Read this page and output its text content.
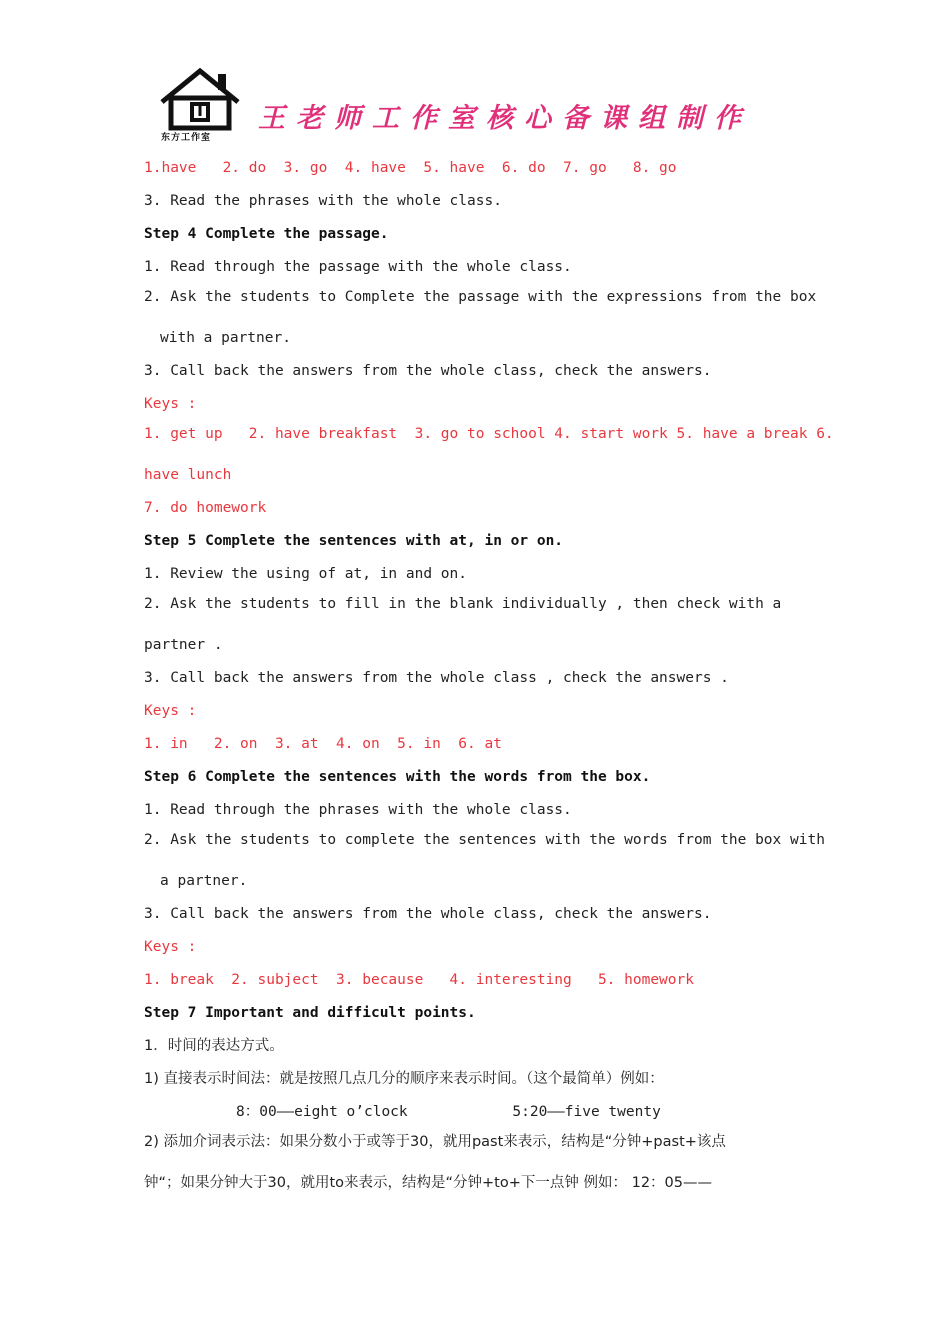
东方工作室
王老师工作室核心备课组制作
1.have   2. do  3. go  4. have  5. have  6. do  7. go   8. go
3. Read the phrases with the whole class.
Step 4 Complete the passage.
1. Read through the passage with the whole class.
2. Ask the students to Complete the passage with the expressions from the box
with a partner.
3. Call back the answers from the whole class, check the answers.
Keys :
1. get up   2. have breakfast  3. go to school 4. start work 5. have a break 6.
have lunch
7. do homework
Step 5 Complete the sentences with at, in or on.
1. Review the using of at, in and on.
2. Ask the students to fill in the blank individually , then check with a
partner .
3. Call back the answers from the whole class , check the answers .
Keys :
1. in   2. on  3. at  4. on  5. in  6. at
Step 6 Complete the sentences with the words from the box.
1. Read through the phrases with the whole class.
2. Ask the students to complete the sentences with the words from the box with
a partner.
3. Call back the answers from the whole class, check the answers.
Keys :
1. break  2. subject  3. because   4. interesting   5. homework
Step 7 Important and difficult points.
1．时间的表达方式。
1) 直接表示时间法：就是按照几点几分的顺序来表示时间。（这个最简单）例如：
8：00——eight o’clock            5:20——five twenty
2) 添加介词表示法：如果分数小于或等于30，就用past来表示，结构是“分钟+past+该点
钟“；如果分钟大于30，就用to来表示，结构是“分钟+to+下一点钟 例如： 12：05——
